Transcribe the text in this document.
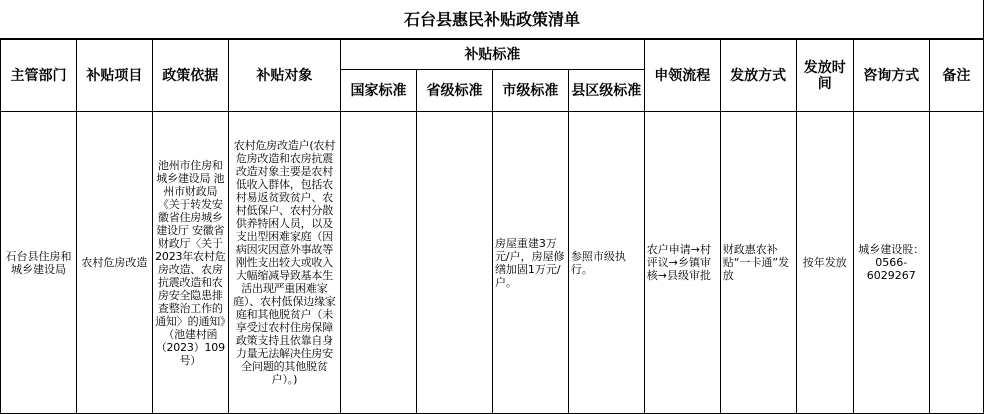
石台县惠民补贴政策清单
主管部门	补贴项目	政策依据	补贴对象	补贴标准				申领流程	发放方式	发放时间	咨询方式	备注
				国家标准	省级标准	市级标准	县区级标准					
石台县住房和城乡建设局	农村危房改造	池州市住房和城乡建设局 池州市财政局《关于转发安徽省住房城乡建设厅 安徽省财政厅〈关于2023年农村危房改造、农房抗震改造和农房安全隐患排查整治工作的通知〉的通知》（池建村函（2023）109号）	农村危房改造户(农村危房改造和农房抗震改造对象主要是农村低收入群体，包括农村易返贫致贫户、农村低保户、农村分散供养特困人员，以及支出型困难家庭（因病因灾因意外事故等刚性支出较大或收入大幅缩减导致基本生活出现严重困难家庭）、农村低保边缘家庭和其他脱贫户（未享受过农村住房保障政策支持且依靠自身力量无法解决住房安全问题的其他脱贫户）。)			房屋重建3万元/户，房屋修缮加固1万元/户。	参照市级执行。	农户申请→村评议→乡镇审核→县级审批	财政惠农补贴“一卡通”发放	按年发放	城乡建设股：0566-6029267	
